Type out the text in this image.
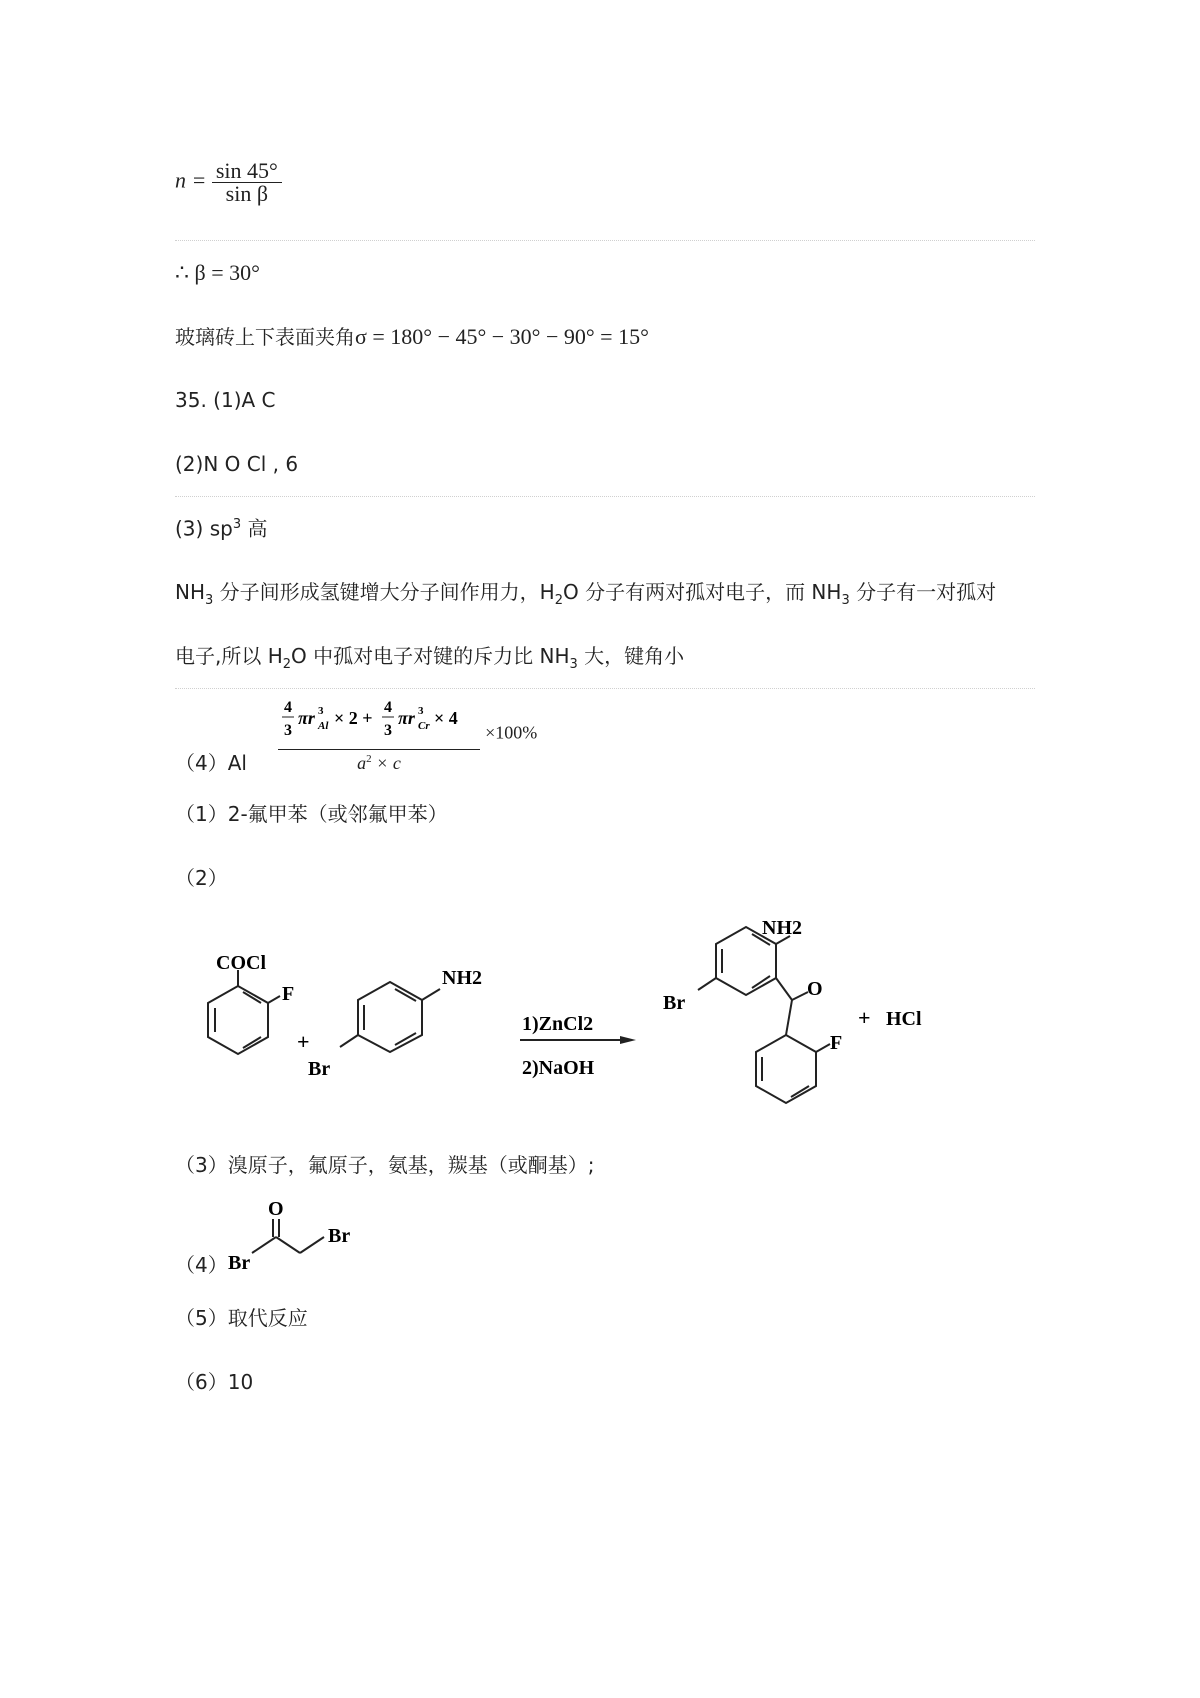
$n = \frac{\sin 45^\circ}{\text{sin β}}$
∴ β = 30°
玻璃砖上下表面夹角σ = 180° − 45° − 30° − 90° = 15°
35. (1)A C
(2)N O Cl , 6
(3) $sp^3$ 高
$NH_3$ 分子间形成氢键增大分子间作用力，$H_2O$ 分子有两对孤对电子，而 $NH_3$ 分子有一对孤对
电子,所以 $H_2O$ 中孤对电子对键的斥力比 $NH_3$ 大，键角小
（4）Al
4
3
πr 3
Al × 2 +
4
3
πr 3
Cr × 4
$a^2 \times c$
×100%
（1）2-氟甲苯（或邻氟甲苯）
（2）
COCl
F
+
NH2
Br
1)ZnCl2
2)NaOH
NH2
Br
O
F
+ HCl
（3）溴原子，氟原子，氨基，羰基（或酮基）;
（4）
O
Br
Br
（5）取代反应
（6）10
